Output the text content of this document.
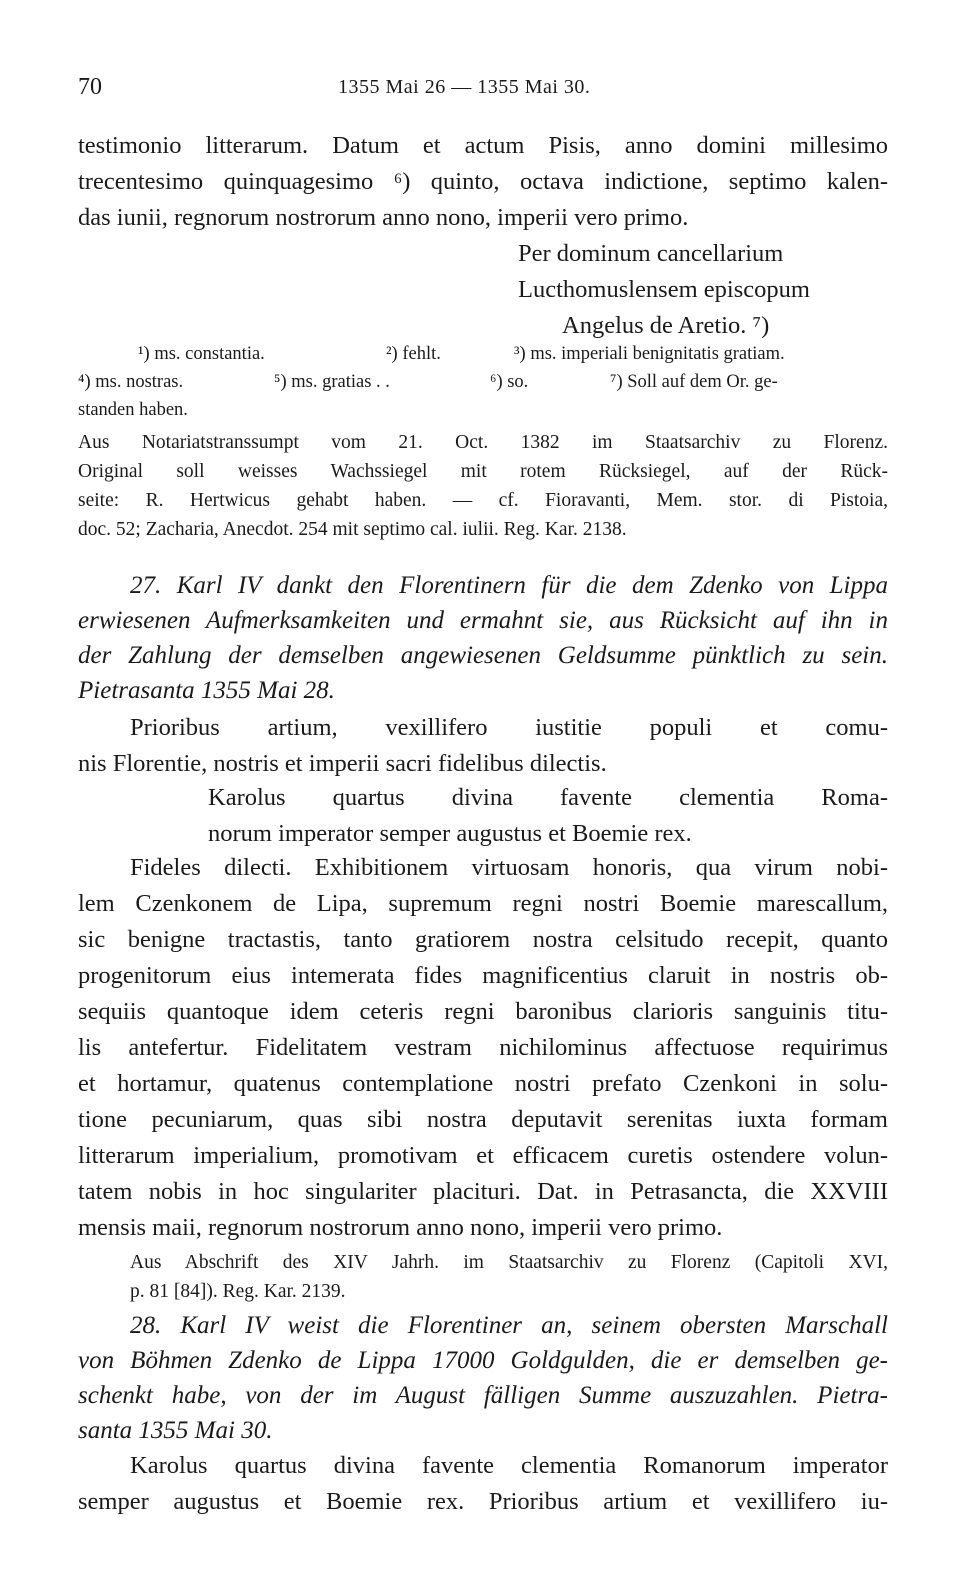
70	1355 Mai 26 — 1355 Mai 30.
testimonio litterarum. Datum et actum Pisis, anno domini millesimo
trecentesimo quinquagesimo ⁶) quinto, octava indictione, septimo kalen-
das iunii, regnorum nostrorum anno nono, imperii vero primo.
Per dominum cancellarium
Lucthomuslensem episcopum
Angelus de Aretio. ⁷)
¹) ms. constantia.	²) fehlt.	³) ms. imperiali benignitatis gratiam.
⁴) ms. nostras.	⁵) ms. gratias . .	⁶) so.	⁷) Soll auf dem Or. ge-
standen haben.
Aus Notariatstranssumpt vom 21. Oct. 1382 im Staatsarchiv zu Florenz.
Original soll weisses Wachssiegel mit rotem Rücksiegel, auf der Rück-
seite: R. Hertwicus gehabt haben. — cf. Fioravanti, Mem. stor. di Pistoia,
doc. 52; Zacharia, Anecdot. 254 mit septimo cal. iulii. Reg. Kar. 2138.
27. Karl IV dankt den Florentinern für die dem Zdenko von Lippa
erwiesenen Aufmerksamkeiten und ermahnt sie, aus Rücksicht auf ihn in
der Zahlung der demselben angewiesenen Geldsumme pünktlich zu sein.
Pietrasanta 1355 Mai 28.
Prioribus artium, vexillifero iustitie populi et comu-
nis Florentie, nostris et imperii sacri fidelibus dilectis.
Karolus quartus divina favente clementia Roma-
norum imperator semper augustus et Boemie rex.
Fideles dilecti. Exhibitionem virtuosam honoris, qua virum nobi-
lem Czenkonem de Lipa, supremum regni nostri Boemie marescallum,
sic benigne tractastis, tanto gratiorem nostra celsitudo recepit, quanto
progenitorum eius intemerata fides magnificentius claruit in nostris ob-
sequiis quantoque idem ceteris regni baronibus clarioris sanguinis titu-
lis antefertur. Fidelitatem vestram nichilominus affectuose requirimus
et hortamur, quatenus contemplatione nostri prefato Czenkoni in solu-
tione pecuniarum, quas sibi nostra deputavit serenitas iuxta formam
litterarum imperialium, promotivam et efficacem curetis ostendere volun-
tatem nobis in hoc singulariter placituri. Dat. in Petrasancta, die XXVIII
mensis maii, regnorum nostrorum anno nono, imperii vero primo.
Aus Abschrift des XIV Jahrh. im Staatsarchiv zu Florenz (Capitoli XVI,
p. 81 [84]). Reg. Kar. 2139.
28. Karl IV weist die Florentiner an, seinem obersten Marschall
von Böhmen Zdenko de Lippa 17000 Goldgulden, die er demselben ge-
schenkt habe, von der im August fälligen Summe auszuzahlen. Pietra-
santa 1355 Mai 30.
Karolus quartus divina favente clementia Romanorum imperator
semper augustus et Boemie rex. Prioribus artium et vexillifero iu-
